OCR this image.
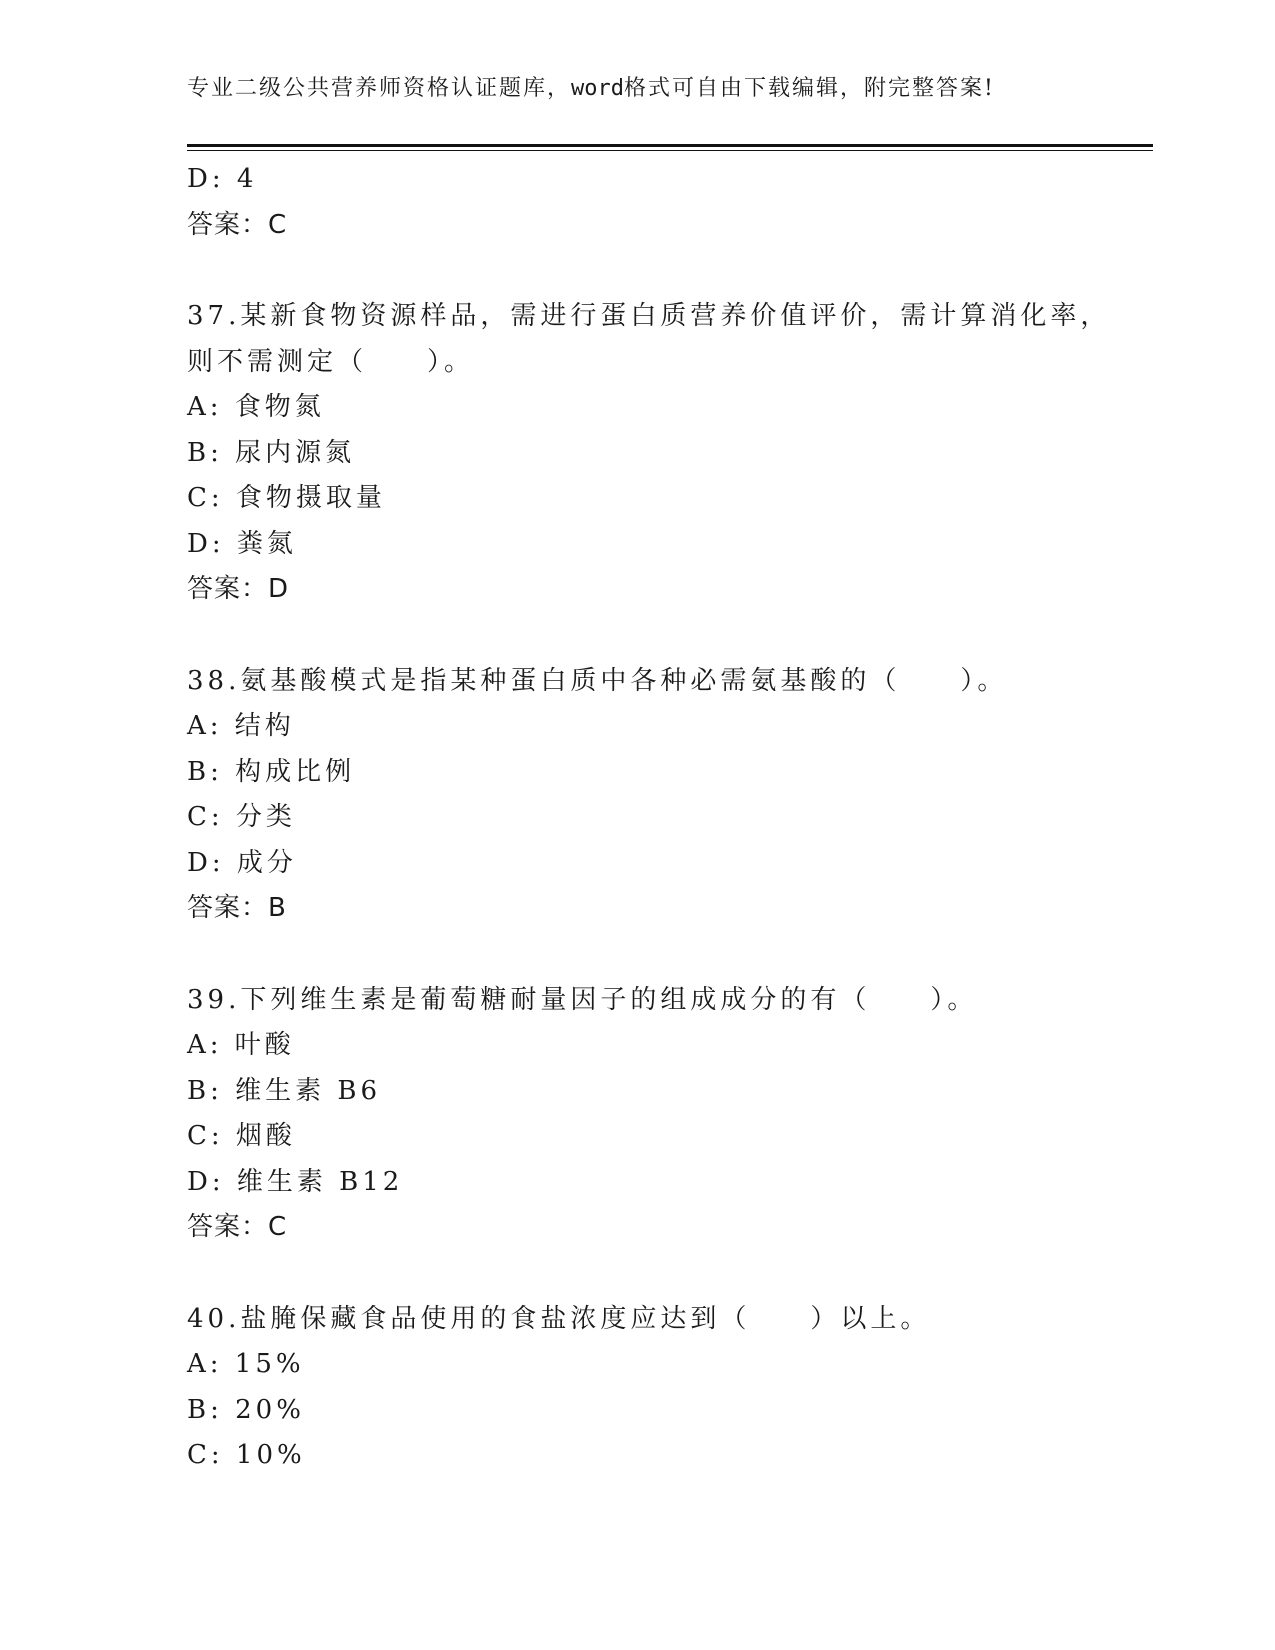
专业二级公共营养师资格认证题库，word格式可自由下载编辑，附完整答案!
D: 4
答案：C
37.某新食物资源样品，需进行蛋白质营养价值评价，需计算消化率，
则不需测定（　　）。
A: 食物氮
B: 尿内源氮
C: 食物摄取量
D: 粪氮
答案：D
38.氨基酸模式是指某种蛋白质中各种必需氨基酸的（　　）。
A: 结构
B: 构成比例
C: 分类
D: 成分
答案：B
39.下列维生素是葡萄糖耐量因子的组成成分的有（　　）。
A: 叶酸
B: 维生素 B6
C: 烟酸
D: 维生素 B12
答案：C
40.盐腌保藏食品使用的食盐浓度应达到（　　）以上。
A: 15%
B: 20%
C: 10%
